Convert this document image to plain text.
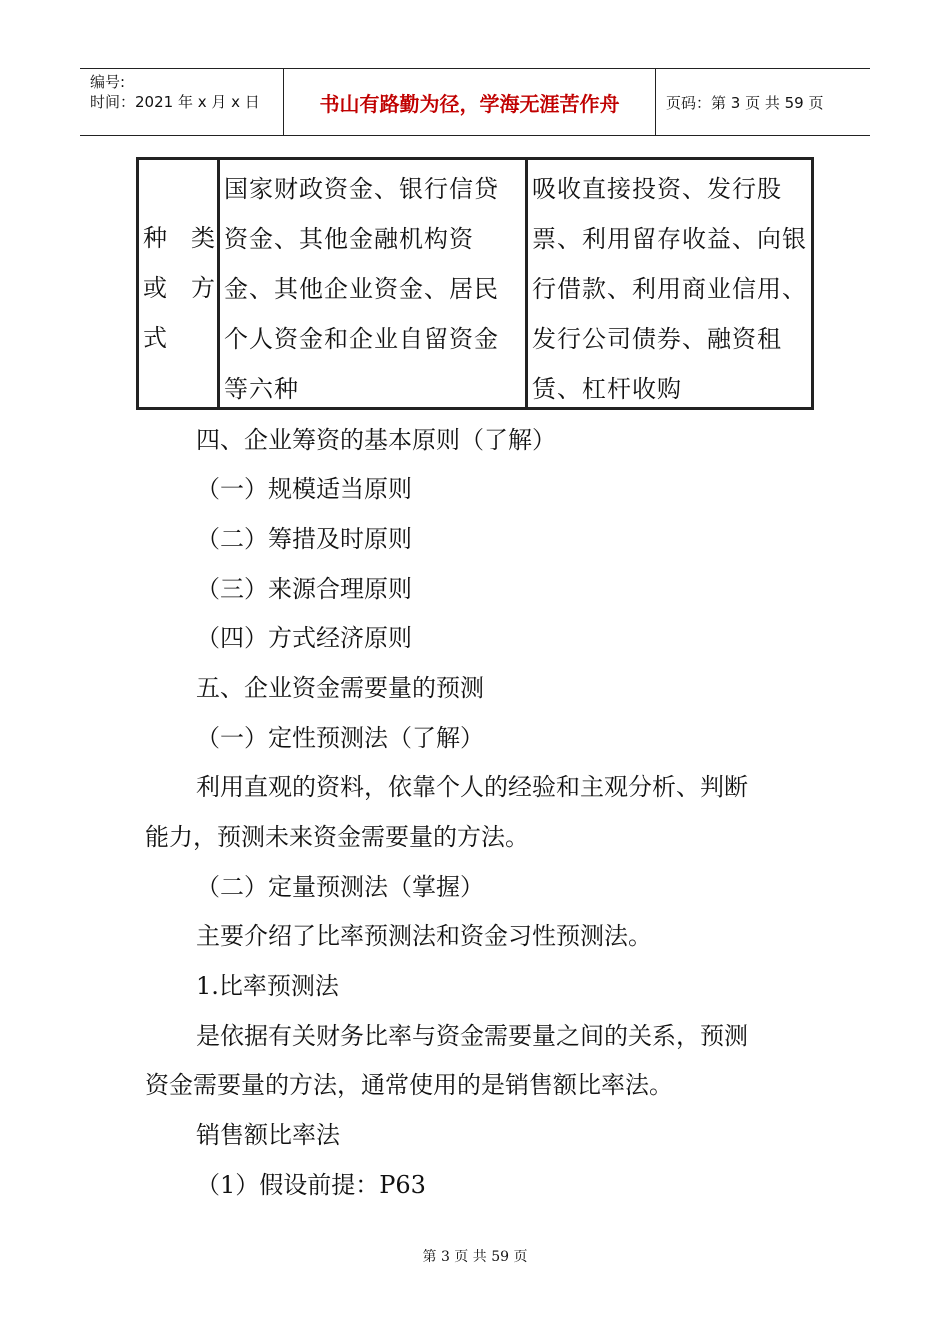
编号:
时间：2021 年 x 月 x 日	书山有路勤为径，学海无涯苦作舟	页码：第 3 页 共 59 页
种　类
或　方
式
国家财政资金、银行信贷
资金、其他金融机构资
金、其他企业资金、居民
个人资金和企业自留资金
等六种
吸收直接投资、发行股
票、利用留存收益、向银
行借款、利用商业信用、
发行公司债券、融资租
赁、杠杆收购
四、企业筹资的基本原则（了解）
（一）规模适当原则
（二）筹措及时原则
（三）来源合理原则
（四）方式经济原则
五、企业资金需要量的预测
（一）定性预测法（了解）
利用直观的资料，依靠个人的经验和主观分析、判断
能力，预测未来资金需要量的方法。
（二）定量预测法（掌握）
主要介绍了比率预测法和资金习性预测法。
1.比率预测法
是依据有关财务比率与资金需要量之间的关系，预测
资金需要量的方法，通常使用的是销售额比率法。
销售额比率法
（1）假设前提：P63
第 3 页 共 59 页
